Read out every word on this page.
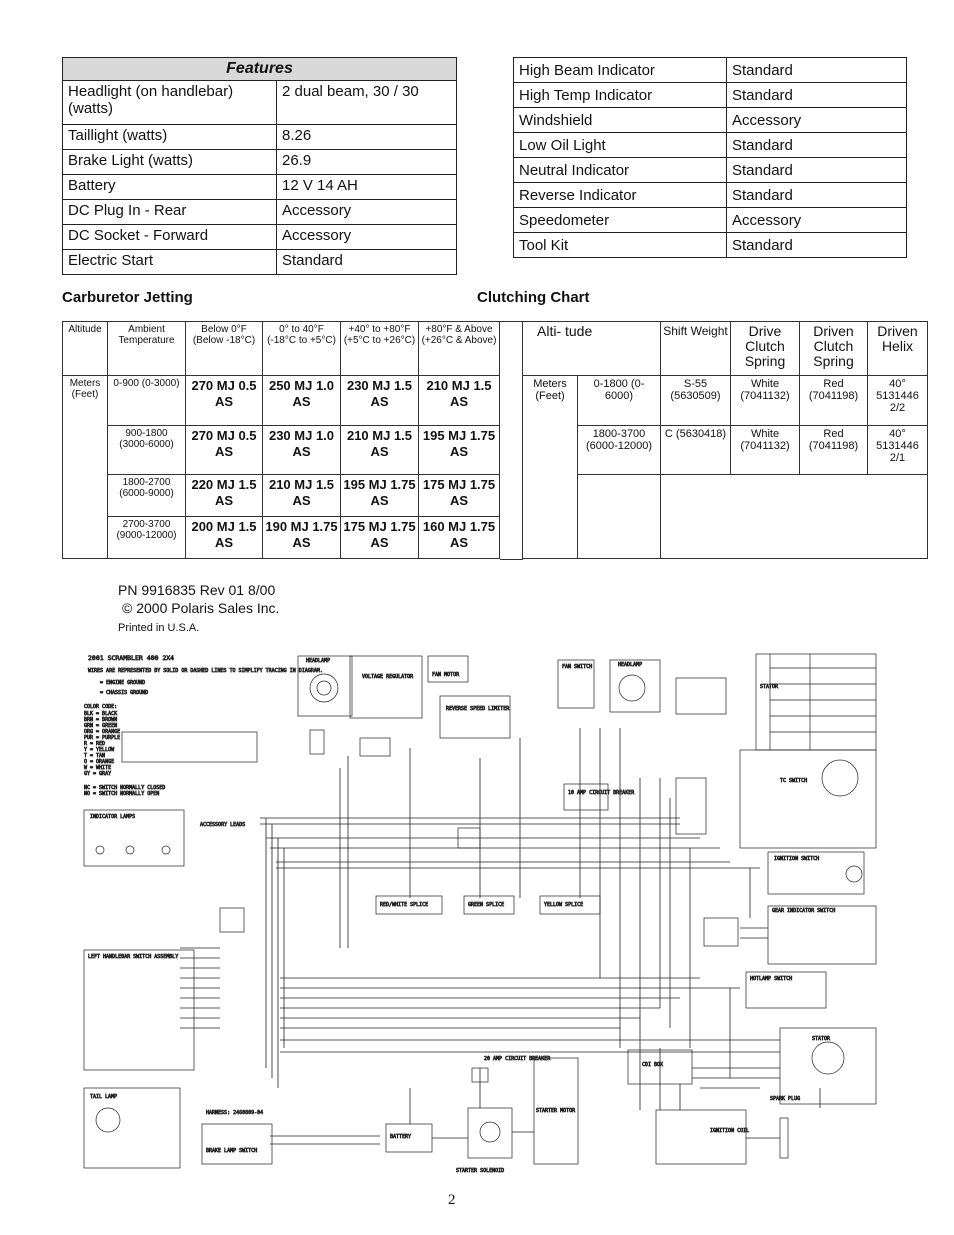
Features	
Headlight (on handlebar) (watts)	2 dual beam, 30 / 30
Taillight (watts)	8.26
Brake Light (watts)	26.9
Battery	12 V 14 AH
DC Plug In - Rear	Accessory
DC Socket - Forward	Accessory
Electric Start	Standard
High Beam Indicator	Standard
High Temp Indicator	Standard
Windshield	Accessory
Low Oil Light	Standard
Neutral Indicator	Standard
Reverse Indicator	Standard
Speedometer	Accessory
Tool Kit	Standard
Carburetor Jetting	Clutching Chart
Altitude	Ambient Temperature	Below 0°F (Below -18°C)	0° to 40°F (-18°C to +5°C)	+40° to +80°F (+5°C to +26°C)	+80°F & Above (+26°C & Above)
Meters (Feet)	0-900 (0-3000)	270 MJ 0.5 AS	250 MJ 1.0 AS	230 MJ 1.5 AS	210 MJ 1.5 AS
	900-1800 (3000-6000)	270 MJ 0.5 AS	230 MJ 1.0 AS	210 MJ 1.5 AS	195 MJ 1.75 AS
	1800-2700 (6000-9000)	220 MJ 1.5 AS	210 MJ 1.5 AS	195 MJ 1.75 AS	175 MJ 1.75 AS
	2700-3700 (9000-12000)	200 MJ 1.5 AS	190 MJ 1.75 AS	175 MJ 1.75 AS	160 MJ 1.75 AS
Alti- tude		Shift Weight	Drive Clutch Spring	Driven Clutch Spring	Driven Helix
Meters (Feet)	0-1800 (0-6000)	S-55 (5630509)	White (7041132)	Red (7041198)	40° 5131446 2/2
	1800-3700 (6000-12000)	C (5630418)	White (7041132)	Red (7041198)	40° 5131446 2/1

PN 9916835 Rev 01 8/00
© 2000 Polaris Sales Inc.
Printed in U.S.A.
2001 SCRAMBLER 400 2X4
WIRES ARE REPRESENTED BY SOLID OR DASHED LINES TO SIMPLIFY TRACING IN DIAGRAM.
= ENGINE GROUND
= CHASSIS GROUND
COLOR CODE:
BLK = BLACK
BRN = BROWN
GRN = GREEN
ORG = ORANGE
PUR = PURPLE
R = RED
Y = YELLOW
T = TAN
O = ORANGE
W = WHITE
GY = GRAY
NC = SWITCH NORMALLY CLOSED
NO = SWITCH NORMALLY OPEN
HEADLAMP
VOLTAGE REGULATOR	FAN MOTOR
REVERSE SPEED LIMITER
FAN SWITCH	HEADLAMP
STATOR
TC SWITCH
10 AMP CIRCUIT BREAKER
IGNITION SWITCH
INDICATOR LAMPS
ACCESSORY LEADS
RED/WHITE SPLICE	GREEN SPLICE	YELLOW SPLICE
GEAR INDICATOR SWITCH
LEFT HANDLEBAR SWITCH ASSEMBLY
HOTLAMP SWITCH
CDI BOX
STATOR
TAIL LAMP
HARNESS: 2460809-04
BRAKE LAMP SWITCH
20 AMP CIRCUIT BREAKER
BATTERY
STARTER SOLENOID
STARTER MOTOR
IGNITION COIL
SPARK PLUG
2
